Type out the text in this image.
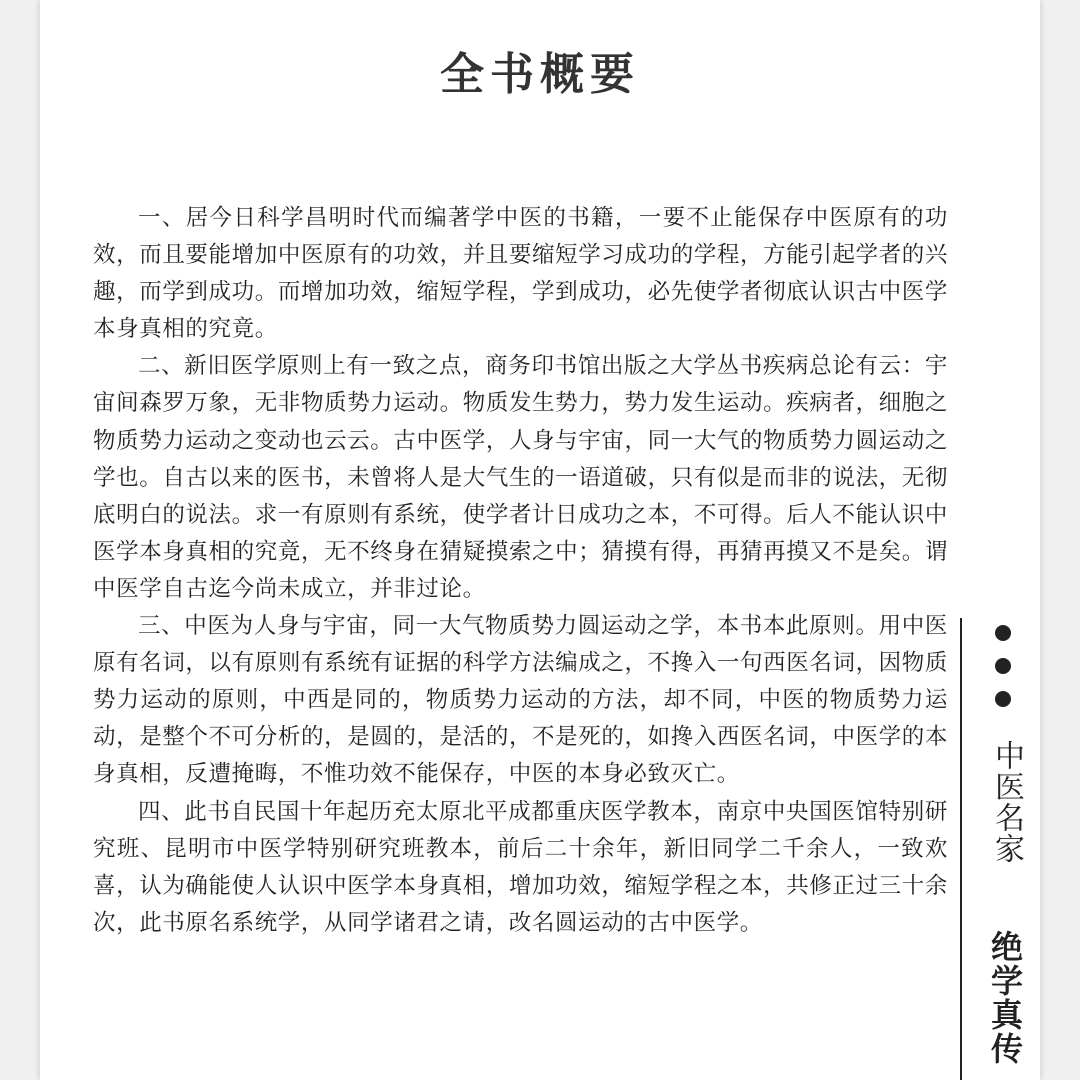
全书概要

一、居今日科学昌明时代而编著学中医的书籍，一要不止能保存中医原有的功效，而且要能增加中医原有的功效，并且要缩短学习成功的学程，方能引起学者的兴趣，而学到成功。而增加功效，缩短学程，学到成功，必先使学者彻底认识古中医学本身真相的究竟。

二、新旧医学原则上有一致之点，商务印书馆出版之大学丛书疾病总论有云：宇宙间森罗万象，无非物质势力运动。物质发生势力，势力发生运动。疾病者，细胞之物质势力运动之变动也云云。古中医学，人身与宇宙，同一大气的物质势力圆运动之学也。自古以来的医书，未曾将人是大气生的一语道破，只有似是而非的说法，无彻底明白的说法。求一有原则有系统，使学者计日成功之本，不可得。后人不能认识中医学本身真相的究竟，无不终身在猜疑摸索之中；猜摸有得，再猜再摸又不是矣。谓中医学自古迄今尚未成立，并非过论。

三、中医为人身与宇宙，同一大气物质势力圆运动之学，本书本此原则。用中医原有名词，以有原则有系统有证据的科学方法编成之，不搀入一句西医名词，因物质势力运动的原则，中西是同的，物质势力运动的方法，却不同，中医的物质势力运动，是整个不可分析的，是圆的，是活的，不是死的，如搀入西医名词，中医学的本身真相，反遭掩晦，不惟功效不能保存，中医的本身必致灭亡。

四、此书自民国十年起历充太原北平成都重庆医学教本，南京中央国医馆特别研究班、昆明市中医学特别研究班教本，前后二十余年，新旧同学二千余人，一致欢喜，认为确能使人认识中医学本身真相，增加功效，缩短学程之本，共修正过三十余次，此书原名系统学，从同学诸君之请，改名圆运动的古中医学。

中医名家
绝学真传
